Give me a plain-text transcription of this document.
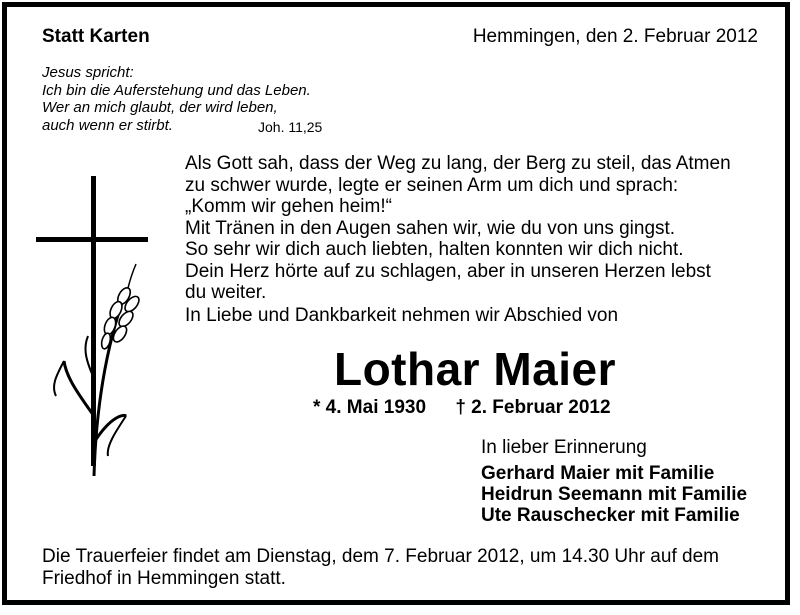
Statt Karten	Hemmingen, den 2. Februar 2012
Jesus spricht:
Ich bin die Auferstehung und das Leben.
Wer an mich glaubt, der wird leben,
auch wenn er stirbt.	Joh. 11,25
Als Gott sah, dass der Weg zu lang, der Berg zu steil, das Atmen
zu schwer wurde, legte er seinen Arm um dich und sprach:
„Komm wir gehen heim!“
Mit Tränen in den Augen sahen wir, wie du von uns gingst.
So sehr wir dich auch liebten, halten konnten wir dich nicht.
Dein Herz hörte auf zu schlagen, aber in unseren Herzen lebst
du weiter.
In Liebe und Dankbarkeit nehmen wir Abschied von
Lothar Maier
* 4. Mai 1930 † 2. Februar 2012
In lieber Erinnerung
Gerhard Maier mit Familie
Heidrun Seemann mit Familie
Ute Rauschecker mit Familie
Die Trauerfeier findet am Dienstag, dem 7. Februar 2012, um 14.30 Uhr auf dem
Friedhof in Hemmingen statt.
